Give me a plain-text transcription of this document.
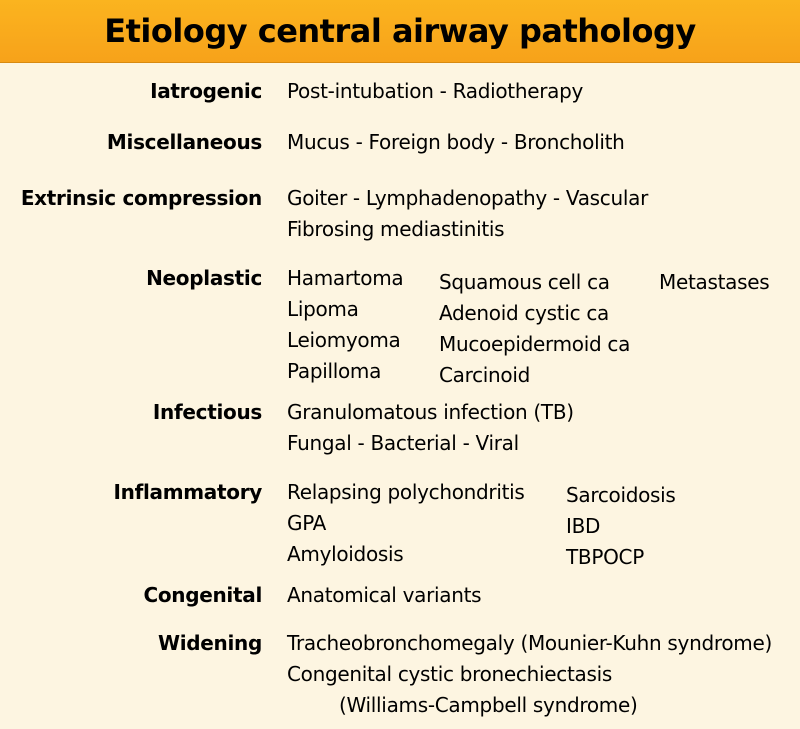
Etiology central airway pathology
Iatrogenic Post-intubation - Radiotherapy
Miscellaneous Mucus - Foreign body - Broncholith
Extrinsic compression Goiter - Lymphadenopathy - Vascular
Fibrosing mediastinitis
Neoplastic Hamartoma
Lipoma
Leiomyoma
Papilloma
Squamous cell ca
Adenoid cystic ca
Mucoepidermoid ca
Carcinoid
Metastases
Infectious Granulomatous infection (TB)
Fungal - Bacterial - Viral
Inflammatory Relapsing polychondritis
GPA
Amyloidosis
Sarcoidosis
IBD
TBPOCP
Congenital Anatomical variants
Widening Tracheobronchomegaly (Mounier-Kuhn syndrome)
Congenital cystic bronechiectasis
(Williams-Campbell syndrome)
